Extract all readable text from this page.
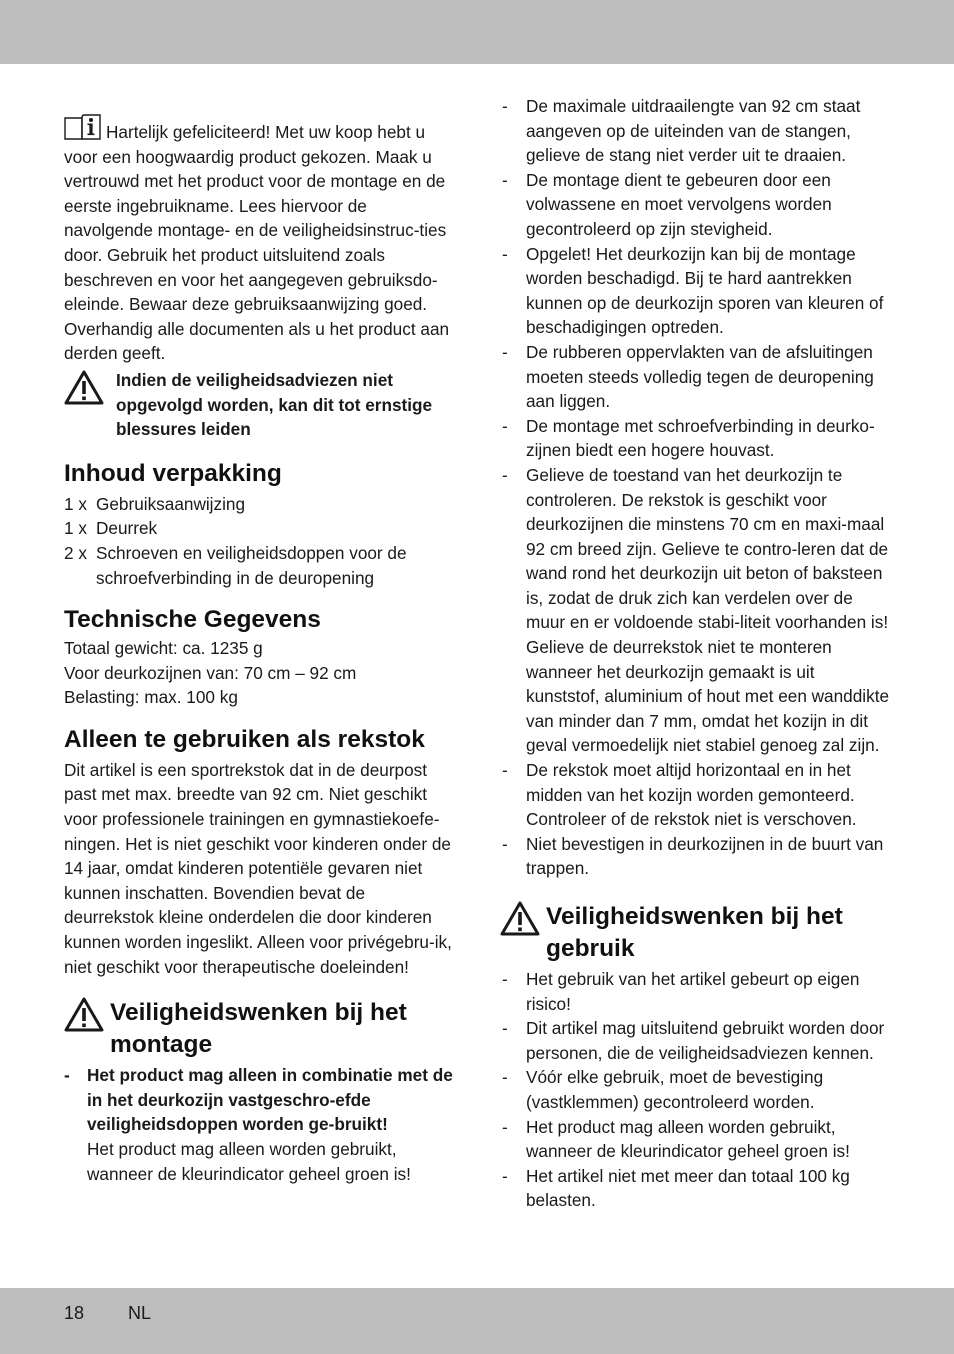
Hartelijk gefeliciteerd! Met uw koop hebt u voor een hoogwaardig product gekozen. Maak u vertrouwd met het product voor de montage en de eerste ingebruikname. Lees hiervoor de navolgende montage- en de veiligheidsinstruc-ties door. Gebruik het product uitsluitend zoals beschreven en voor het aangegeven gebruiksdo-eleinde. Bewaar deze gebruiksaanwijzing goed. Overhandig alle documenten als u het product aan derden geeft.

Indien de veiligheidsadviezen niet opgevolgd worden, kan dit tot ernstige blessures leiden

Inhoud verpakking
1 x Gebruiksaanwijzing
1 x Deurrek
2 x Schroeven en veiligheidsdoppen voor de schroefverbinding in de deuropening
Technische Gegevens

Totaal gewicht: ca. 1235 g

Voor deurkozijnen van: 70 cm – 92 cm

Belasting: max. 100 kg

Alleen te gebruiken als rekstok

Dit artikel is een sportrekstok dat in de deurpost past met max. breedte van 92 cm. Niet geschikt voor professionele trainingen en gymnastiekoefe-ningen. Het is niet geschikt voor kinderen onder de 14 jaar, omdat kinderen potentiële gevaren niet kunnen inschatten. Bovendien bevat de deurrekstok kleine onderdelen die door kinderen kunnen worden ingeslikt. Alleen voor privégebru-ik, niet geschikt voor therapeutische doeleinden!

Veiligheidswenken bij het
montage
- Het product mag alleen in combinatie met de in het deurkozijn vastgeschro-efde veiligheidsdoppen worden ge-bruikt!
Het product mag alleen worden gebruikt, wanneer de kleurindicator geheel groen is!
- De maximale uitdraailengte van 92 cm staat aangeven op de uiteinden van de stangen, gelieve de stang niet verder uit te draaien.
- De montage dient te gebeuren door een volwassene en moet vervolgens worden gecontroleerd op zijn stevigheid.
- Opgelet! Het deurkozijn kan bij de montage worden beschadigd. Bij te hard aantrekken kunnen op de deurkozijn sporen van kleuren of beschadigingen optreden.
- De rubberen oppervlakten van de afsluitingen moeten steeds volledig tegen de deuropening aan liggen.
- De montage met schroefverbinding in deurko-zijnen biedt een hogere houvast.
- Gelieve de toestand van het deurkozijn te controleren. De rekstok is geschikt voor deurkozijnen die minstens 70 cm en maxi-maal 92 cm breed zijn. Gelieve te contro-leren dat de wand rond het deurkozijn uit beton of baksteen is, zodat de druk zich kan verdelen over de muur en er voldoende stabi-liteit voorhanden is! Gelieve de deurrekstok niet te monteren wanneer het deurkozijn gemaakt is uit kunststof, aluminium of hout met een wanddikte van minder dan 7 mm, omdat het kozijn in dit geval vermoedelijk niet stabiel genoeg zal zijn.
- De rekstok moet altijd horizontaal en in het midden van het kozijn worden gemonteerd. Controleer of de rekstok niet is verschoven.
- Niet bevestigen in deurkozijnen in de buurt van trappen.
Veiligheidswenken bij het
gebruik
- Het gebruik van het artikel gebeurt op eigen risico!
- Dit artikel mag uitsluitend gebruikt worden door personen, die de veiligheidsadviezen kennen.
- Vóór elke gebruik, moet de bevestiging (vastklemmen) gecontroleerd worden.
- Het product mag alleen worden gebruikt, wanneer de kleurindicator geheel groen is!
- Het artikel niet met meer dan totaal 100 kg belasten.
18 NL
